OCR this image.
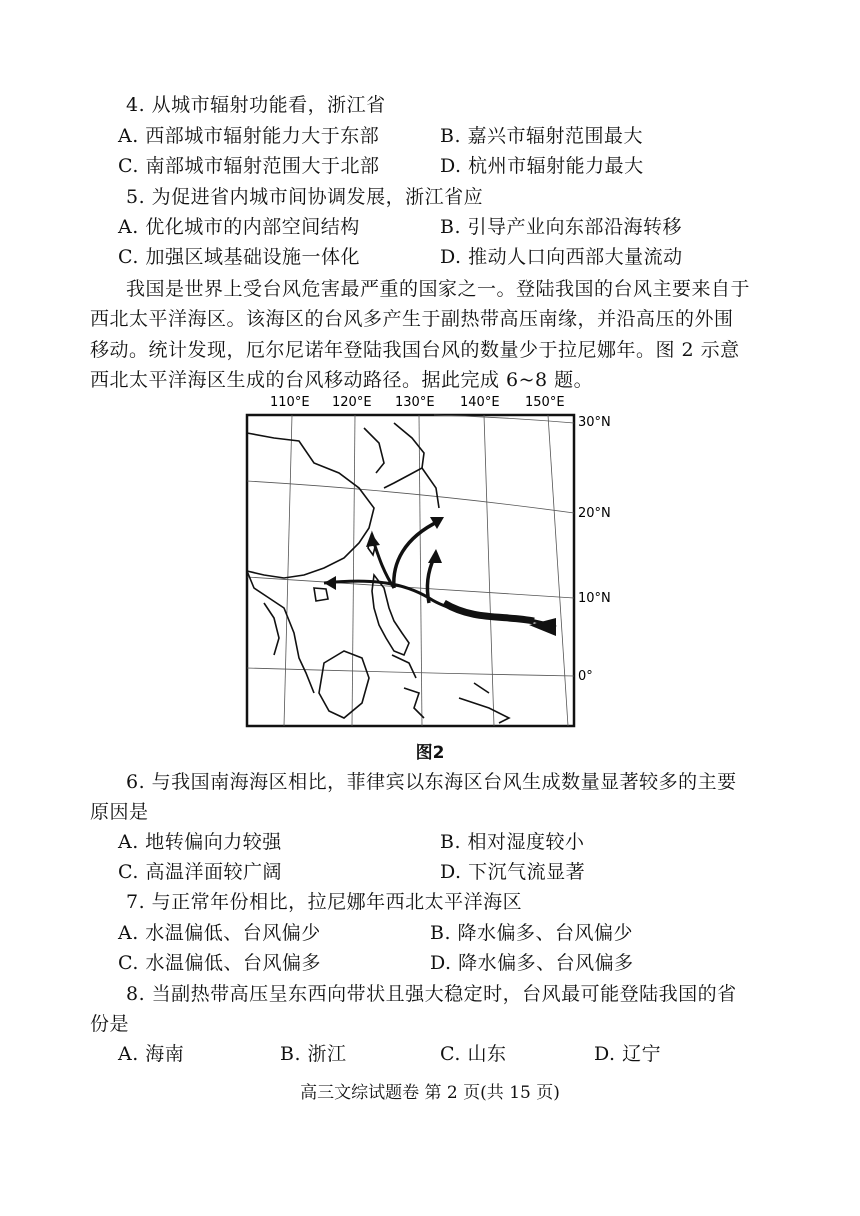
4. 从城市辐射功能看，浙江省
A. 西部城市辐射能力大于东部	B. 嘉兴市辐射范围最大
C. 南部城市辐射范围大于北部	D. 杭州市辐射能力最大
5. 为促进省内城市间协调发展，浙江省应
A. 优化城市的内部空间结构	B. 引导产业向东部沿海转移
C. 加强区域基础设施一体化	D. 推动人口向西部大量流动
我国是世界上受台风危害最严重的国家之一。登陆我国的台风主要来自于
西北太平洋海区。该海区的台风多产生于副热带高压南缘，并沿高压的外围
移动。统计发现，厄尔尼诺年登陆我国台风的数量少于拉尼娜年。图 2 示意
西北太平洋海区生成的台风移动路径。据此完成 6~8 题。
110°E 120°E 130°E 140°E 150°E
30°N
20°N
10°N
0°
图2
6. 与我国南海海区相比，菲律宾以东海区台风生成数量显著较多的主要
原因是
A. 地转偏向力较强	B. 相对湿度较小
C. 高温洋面较广阔	D. 下沉气流显著
7. 与正常年份相比，拉尼娜年西北太平洋海区
A. 水温偏低、台风偏少	B. 降水偏多、台风偏少
C. 水温偏低、台风偏多	D. 降水偏多、台风偏多
8. 当副热带高压呈东西向带状且强大稳定时，台风最可能登陆我国的省
份是
A. 海南	B. 浙江	C. 山东	D. 辽宁
高三文综试题卷 第 2 页(共 15 页)
